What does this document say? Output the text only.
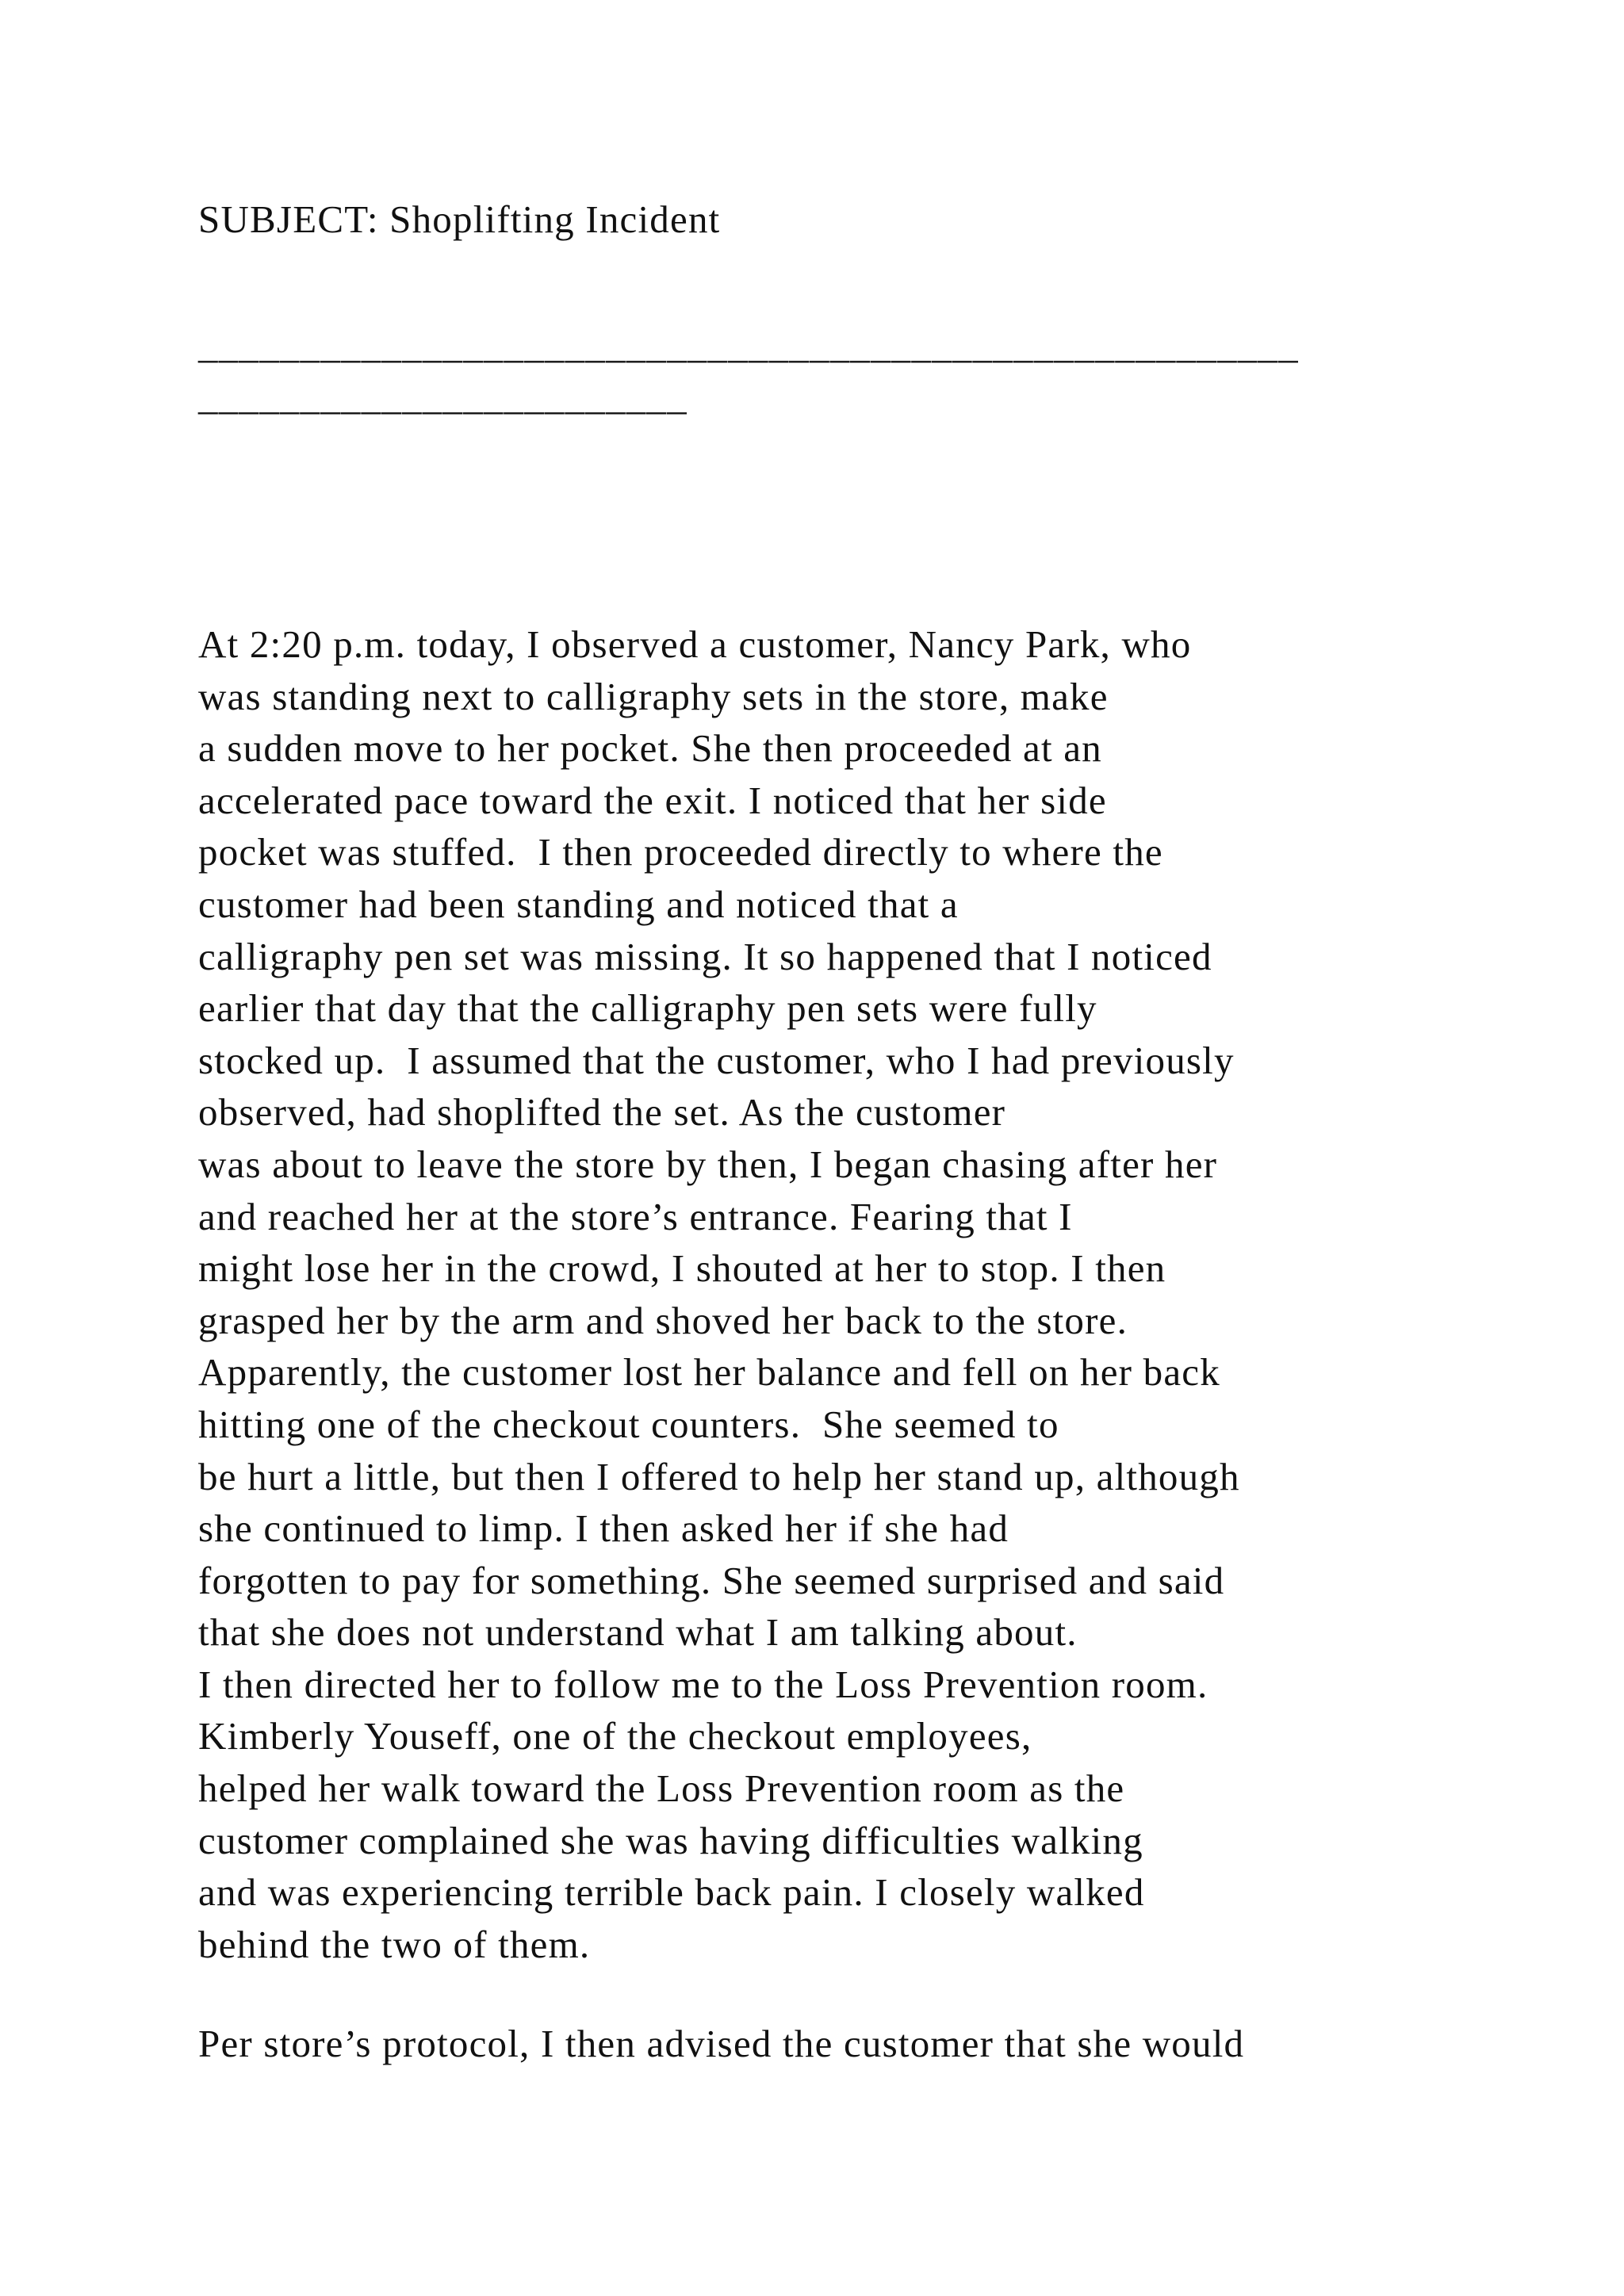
SUBJECT: Shoplifting Incident
______________________________________________________
________________________
At 2:20 p.m. today, I observed a customer, Nancy Park, who
was standing next to calligraphy sets in the store, make
a sudden move to her pocket. She then proceeded at an
accelerated pace toward the exit. I noticed that her side
pocket was stuffed.  I then proceeded directly to where the
customer had been standing and noticed that a
calligraphy pen set was missing. It so happened that I noticed
earlier that day that the calligraphy pen sets were fully
stocked up.  I assumed that the customer, who I had previously
observed, had shoplifted the set. As the customer
was about to leave the store by then, I began chasing after her
and reached her at the store’s entrance. Fearing that I
might lose her in the crowd, I shouted at her to stop. I then
grasped her by the arm and shoved her back to the store.
Apparently, the customer lost her balance and fell on her back
hitting one of the checkout counters.  She seemed to
be hurt a little, but then I offered to help her stand up, although
she continued to limp. I then asked her if she had
forgotten to pay for something. She seemed surprised and said
that she does not understand what I am talking about.
I then directed her to follow me to the Loss Prevention room.
Kimberly Youseff, one of the checkout employees,
helped her walk toward the Loss Prevention room as the
customer complained she was having difficulties walking
and was experiencing terrible back pain. I closely walked
behind the two of them.
Per store’s protocol, I then advised the customer that she would
